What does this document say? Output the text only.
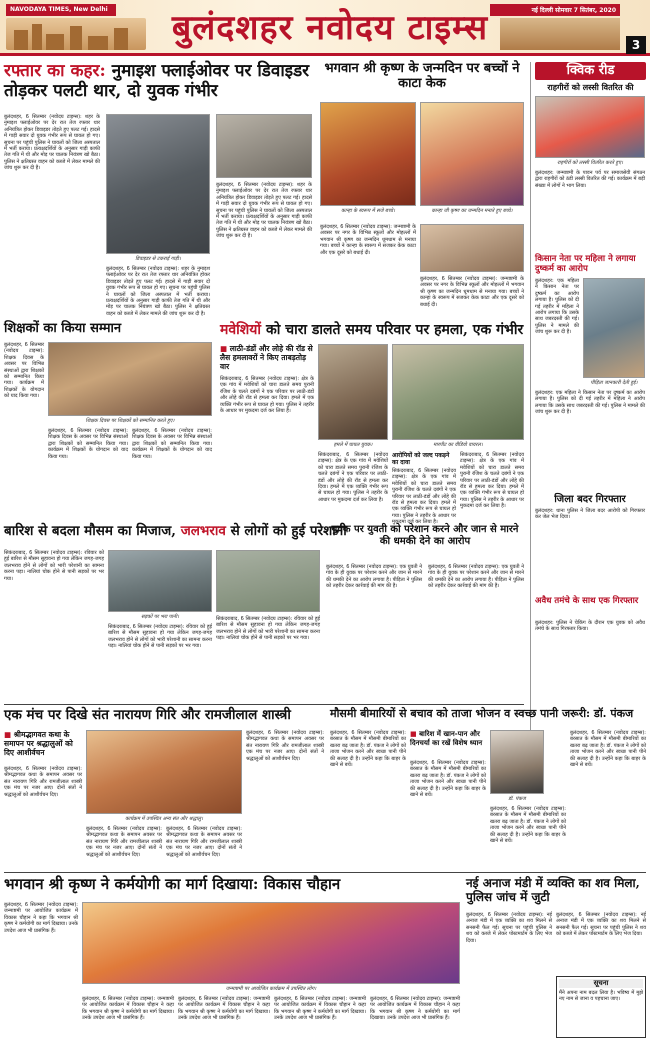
NAVODAYA TIMES, New Delhi	बुलंदशहर नवोदय टाइम्स	नई दिल्ली सोमवार 7 सितंबर, 2020
3
रफ्तार का कहर: नुमाइश फ्लाईओवर पर डिवाइडर तोड़कर पलटी थार, दो युवक गंभीर
बुलंदशहर, 6 सितम्बर (नवोदय टाइम्स): शहर के नुमाइश फ्लाईओवर पर देर रात तेज रफ्तार थार अनियंत्रित होकर डिवाइडर तोड़ते हुए पलट गई। हादसे में गाड़ी सवार दो युवक गंभीर रूप से घायल हो गए। सूचना पर पहुंची पुलिस ने घायलों को जिला अस्पताल में भर्ती कराया। प्रत्यक्षदर्शियों के अनुसार गाड़ी काफी तेज गति में थी और मोड़ पर चालक नियंत्रण खो बैठा। पुलिस ने क्षतिग्रस्त वाहन को कब्जे में लेकर मामले की जांच शुरू कर दी है।
डिवाइडर से टकराई गाड़ी।
बुलंदशहर, 6 सितम्बर (नवोदय टाइम्स): शहर के नुमाइश फ्लाईओवर पर देर रात तेज रफ्तार थार अनियंत्रित होकर डिवाइडर तोड़ते हुए पलट गई। हादसे में गाड़ी सवार दो युवक गंभीर रूप से घायल हो गए। सूचना पर पहुंची पुलिस ने घायलों को जिला अस्पताल में भर्ती कराया। प्रत्यक्षदर्शियों के अनुसार गाड़ी काफी तेज गति में थी और मोड़ पर चालक नियंत्रण खो बैठा। पुलिस ने क्षतिग्रस्त वाहन को कब्जे में लेकर मामले की जांच शुरू कर दी है।
बुलंदशहर, 6 सितम्बर (नवोदय टाइम्स): शहर के नुमाइश फ्लाईओवर पर देर रात तेज रफ्तार थार अनियंत्रित होकर डिवाइडर तोड़ते हुए पलट गई। हादसे में गाड़ी सवार दो युवक गंभीर रूप से घायल हो गए। सूचना पर पहुंची पुलिस ने घायलों को जिला अस्पताल में भर्ती कराया। प्रत्यक्षदर्शियों के अनुसार गाड़ी काफी तेज गति में थी और मोड़ पर चालक नियंत्रण खो बैठा। पुलिस ने क्षतिग्रस्त वाहन को कब्जे में लेकर मामले की जांच शुरू कर दी है।
भगवान श्री कृष्ण के जन्मदिन पर बच्चों ने काटा केक
कान्हा के स्वरूप में सजे बच्चे।	कान्हा जी कृष्ण का जन्मदिन मनाते हुए बच्चे।
बुलंदशहर, 6 सितम्बर (नवोदय टाइम्स): जन्माष्टमी के अवसर पर नगर के विभिन्न स्कूलों और मोहल्लों में भगवान श्री कृष्ण का जन्मदिन धूमधाम से मनाया गया। बच्चों ने कान्हा के स्वरूप में सजकर केक काटा और एक दूसरे को बधाई दी।
बुलंदशहर, 6 सितम्बर (नवोदय टाइम्स): जन्माष्टमी के अवसर पर नगर के विभिन्न स्कूलों और मोहल्लों में भगवान श्री कृष्ण का जन्मदिन धूमधाम से मनाया गया। बच्चों ने कान्हा के स्वरूप में सजकर केक काटा और एक दूसरे को बधाई दी।
क्विक रीड
राहगीरों को लस्सी वितरित की
राहगीरों को लस्सी वितरित करते हुए।
बुलंदशहर: जन्माष्टमी के पावन पर्व पर समाजसेवी संगठन द्वारा राहगीरों को ठंडी लस्सी वितरित की गई। कार्यक्रम में बड़ी संख्या में लोगों ने भाग लिया।
किसान नेता पर महिला ने लगाया दुष्कर्म का आरोप
बुलंदशहर: एक महिला ने किसान नेता पर दुष्कर्म का आरोप लगाया है। पुलिस को दी गई तहरीर में महिला ने आरोप लगाया कि उसके साथ जबरदस्ती की गई। पुलिस ने मामले की जांच शुरू कर दी है।
पीड़िता जानकारी देती हुई।
बुलंदशहर: एक महिला ने किसान नेता पर दुष्कर्म का आरोप लगाया है। पुलिस को दी गई तहरीर में महिला ने आरोप लगाया कि उसके साथ जबरदस्ती की गई। पुलिस ने मामले की जांच शुरू कर दी है।
जिला बदर गिरफ्तार
बुलंदशहर: थाना पुलिस ने जिला बदर आरोपी को गिरफ्तार कर जेल भेज दिया।
अवैध तमंचे के साथ एक गिरफ्तार
बुलंदशहर: पुलिस ने चेकिंग के दौरान एक युवक को अवैध तमंचे के साथ गिरफ्तार किया।
शिक्षकों का किया सम्मान
बुलंदशहर, 6 सितम्बर (नवोदय टाइम्स): शिक्षक दिवस के अवसर पर विभिन्न संस्थाओं द्वारा शिक्षकों को सम्मानित किया गया। कार्यक्रम में शिक्षकों के योगदान को याद किया गया।
शिक्षक दिवस पर शिक्षकों को सम्मानित करते हुए।
बुलंदशहर, 6 सितम्बर (नवोदय टाइम्स): शिक्षक दिवस के अवसर पर विभिन्न संस्थाओं द्वारा शिक्षकों को सम्मानित किया गया। कार्यक्रम में शिक्षकों के योगदान को याद किया गया।
बुलंदशहर, 6 सितम्बर (नवोदय टाइम्स): शिक्षक दिवस के अवसर पर विभिन्न संस्थाओं द्वारा शिक्षकों को सम्मानित किया गया। कार्यक्रम में शिक्षकों के योगदान को याद किया गया।
मवेशियों को चारा डालते समय परिवार पर हमला, एक गंभीर
■ लाठी-डंडों और लोहे की रॉड से लैस हमलावरों ने किए ताबड़तोड़ वार
सिकंदराबाद, 6 सितम्बर (नवोदय टाइम्स): क्षेत्र के एक गांव में मवेशियों को चारा डालते समय पुरानी रंजिश के चलते दबंगों ने एक परिवार पर लाठी-डंडों और लोहे की रॉड से हमला कर दिया। हमले में एक व्यक्ति गंभीर रूप से घायल हो गया। पुलिस ने तहरीर के आधार पर मुकदमा दर्ज कर लिया है।
हमले में घायल युवक।	मारपीट का वीडियो वायरल।
सिकंदराबाद, 6 सितम्बर (नवोदय टाइम्स): क्षेत्र के एक गांव में मवेशियों को चारा डालते समय पुरानी रंजिश के चलते दबंगों ने एक परिवार पर लाठी-डंडों और लोहे की रॉड से हमला कर दिया। हमले में एक व्यक्ति गंभीर रूप से घायल हो गया। पुलिस ने तहरीर के आधार पर मुकदमा दर्ज कर लिया है।
आरोपियों को जल्द पकड़ने का दावा
सिकंदराबाद, 6 सितम्बर (नवोदय टाइम्स): क्षेत्र के एक गांव में मवेशियों को चारा डालते समय पुरानी रंजिश के चलते दबंगों ने एक परिवार पर लाठी-डंडों और लोहे की रॉड से हमला कर दिया। हमले में एक व्यक्ति गंभीर रूप से घायल हो गया। पुलिस ने तहरीर के आधार पर मुकदमा दर्ज कर लिया है।
सिकंदराबाद, 6 सितम्बर (नवोदय टाइम्स): क्षेत्र के एक गांव में मवेशियों को चारा डालते समय पुरानी रंजिश के चलते दबंगों ने एक परिवार पर लाठी-डंडों और लोहे की रॉड से हमला कर दिया। हमले में एक व्यक्ति गंभीर रूप से घायल हो गया। पुलिस ने तहरीर के आधार पर मुकदमा दर्ज कर लिया है।
बारिश से बदला मौसम का मिजाज, जलभराव से लोगों को हुई परेशानी
सिकंदराबाद, 6 सितम्बर (नवोदय टाइम्स): रविवार को हुई बारिश से मौसम सुहावना हो गया लेकिन जगह-जगह जलभराव होने से लोगों को भारी परेशानी का सामना करना पड़ा। नालियां चोक होने से पानी सड़कों पर भर गया।
सड़कों पर भरा पानी।
सिकंदराबाद, 6 सितम्बर (नवोदय टाइम्स): रविवार को हुई बारिश से मौसम सुहावना हो गया लेकिन जगह-जगह जलभराव होने से लोगों को भारी परेशानी का सामना करना पड़ा। नालियां चोक होने से पानी सड़कों पर भर गया।
सिकंदराबाद, 6 सितम्बर (नवोदय टाइम्स): रविवार को हुई बारिश से मौसम सुहावना हो गया लेकिन जगह-जगह जलभराव होने से लोगों को भारी परेशानी का सामना करना पड़ा। नालियां चोक होने से पानी सड़कों पर भर गया।
युवक पर युवती को परेशान करने और जान से मारने की धमकी देने का आरोप
बुलंदशहर, 6 सितम्बर (नवोदय टाइम्स): एक युवती ने गांव के ही युवक पर परेशान करने और जान से मारने की धमकी देने का आरोप लगाया है। पीड़िता ने पुलिस को तहरीर देकर कार्रवाई की मांग की है।
बुलंदशहर, 6 सितम्बर (नवोदय टाइम्स): एक युवती ने गांव के ही युवक पर परेशान करने और जान से मारने की धमकी देने का आरोप लगाया है। पीड़िता ने पुलिस को तहरीर देकर कार्रवाई की मांग की है।
एक मंच पर दिखे संत नारायण गिरि और रामजीलाल शास्त्री
■ श्रीमद्भागवत कथा के समापन पर श्रद्धालुओं को दिए आशीर्वचन
बुलंदशहर, 6 सितम्बर (नवोदय टाइम्स): श्रीमद्भागवत कथा के समापन अवसर पर संत नारायण गिरि और रामजीलाल शास्त्री एक मंच पर नजर आए। दोनों संतों ने श्रद्धालुओं को आशीर्वचन दिए।
कार्यक्रम में उपस्थित अन्य संत और श्रद्धालु।
बुलंदशहर, 6 सितम्बर (नवोदय टाइम्स): श्रीमद्भागवत कथा के समापन अवसर पर संत नारायण गिरि और रामजीलाल शास्त्री एक मंच पर नजर आए। दोनों संतों ने श्रद्धालुओं को आशीर्वचन दिए।
बुलंदशहर, 6 सितम्बर (नवोदय टाइम्स): श्रीमद्भागवत कथा के समापन अवसर पर संत नारायण गिरि और रामजीलाल शास्त्री एक मंच पर नजर आए। दोनों संतों ने श्रद्धालुओं को आशीर्वचन दिए।
बुलंदशहर, 6 सितम्बर (नवोदय टाइम्स): श्रीमद्भागवत कथा के समापन अवसर पर संत नारायण गिरि और रामजीलाल शास्त्री एक मंच पर नजर आए। दोनों संतों ने श्रद्धालुओं को आशीर्वचन दिए।
मौसमी बीमारियों से बचाव को ताजा भोजन व स्वच्छ पानी जरूरी: डॉ. पंकज
बुलंदशहर, 6 सितम्बर (नवोदय टाइम्स): बरसात के मौसम में मौसमी बीमारियों का खतरा बढ़ जाता है। डॉ. पंकज ने लोगों को ताजा भोजन करने और स्वच्छ पानी पीने की सलाह दी है। उन्होंने कहा कि बाहर के खाने से बचें।
■ बारिश में खान-पान और दिनचर्या का रखें विशेष ध्यान
बुलंदशहर, 6 सितम्बर (नवोदय टाइम्स): बरसात के मौसम में मौसमी बीमारियों का खतरा बढ़ जाता है। डॉ. पंकज ने लोगों को ताजा भोजन करने और स्वच्छ पानी पीने की सलाह दी है। उन्होंने कहा कि बाहर के खाने से बचें।
डॉ. पंकज
बुलंदशहर, 6 सितम्बर (नवोदय टाइम्स): बरसात के मौसम में मौसमी बीमारियों का खतरा बढ़ जाता है। डॉ. पंकज ने लोगों को ताजा भोजन करने और स्वच्छ पानी पीने की सलाह दी है। उन्होंने कहा कि बाहर के खाने से बचें।
बुलंदशहर, 6 सितम्बर (नवोदय टाइम्स): बरसात के मौसम में मौसमी बीमारियों का खतरा बढ़ जाता है। डॉ. पंकज ने लोगों को ताजा भोजन करने और स्वच्छ पानी पीने की सलाह दी है। उन्होंने कहा कि बाहर के खाने से बचें।
भगवान श्री कृष्ण ने कर्मयोगी का मार्ग दिखाया: विकास चौहान
बुलंदशहर, 6 सितम्बर (नवोदय टाइम्स): जन्माष्टमी पर आयोजित कार्यक्रम में विकास चौहान ने कहा कि भगवान श्री कृष्ण ने कर्मयोगी का मार्ग दिखाया। उनके उपदेश आज भी प्रासंगिक हैं।
जन्माष्टमी पर आयोजित कार्यक्रम में उपस्थित लोग।
बुलंदशहर, 6 सितम्बर (नवोदय टाइम्स): जन्माष्टमी पर आयोजित कार्यक्रम में विकास चौहान ने कहा कि भगवान श्री कृष्ण ने कर्मयोगी का मार्ग दिखाया। उनके उपदेश आज भी प्रासंगिक हैं।
बुलंदशहर, 6 सितम्बर (नवोदय टाइम्स): जन्माष्टमी पर आयोजित कार्यक्रम में विकास चौहान ने कहा कि भगवान श्री कृष्ण ने कर्मयोगी का मार्ग दिखाया। उनके उपदेश आज भी प्रासंगिक हैं।
बुलंदशहर, 6 सितम्बर (नवोदय टाइम्स): जन्माष्टमी पर आयोजित कार्यक्रम में विकास चौहान ने कहा कि भगवान श्री कृष्ण ने कर्मयोगी का मार्ग दिखाया। उनके उपदेश आज भी प्रासंगिक हैं।
बुलंदशहर, 6 सितम्बर (नवोदय टाइम्स): जन्माष्टमी पर आयोजित कार्यक्रम में विकास चौहान ने कहा कि भगवान श्री कृष्ण ने कर्मयोगी का मार्ग दिखाया। उनके उपदेश आज भी प्रासंगिक हैं।
नई अनाज मंडी में व्यक्ति का शव मिला, पुलिस जांच में जुटी
बुलंदशहर, 6 सितम्बर (नवोदय टाइम्स): नई अनाज मंडी में एक व्यक्ति का शव मिलने से सनसनी फैल गई। सूचना पर पहुंची पुलिस ने शव को कब्जे में लेकर पोस्टमार्टम के लिए भेज दिया।
बुलंदशहर, 6 सितम्बर (नवोदय टाइम्स): नई अनाज मंडी में एक व्यक्ति का शव मिलने से सनसनी फैल गई। सूचना पर पहुंची पुलिस ने शव को कब्जे में लेकर पोस्टमार्टम के लिए भेज दिया।
सूचना
मैंने अपना नाम बदल लिया है। भविष्य में मुझे नए नाम से जाना व पहचाना जाए।
